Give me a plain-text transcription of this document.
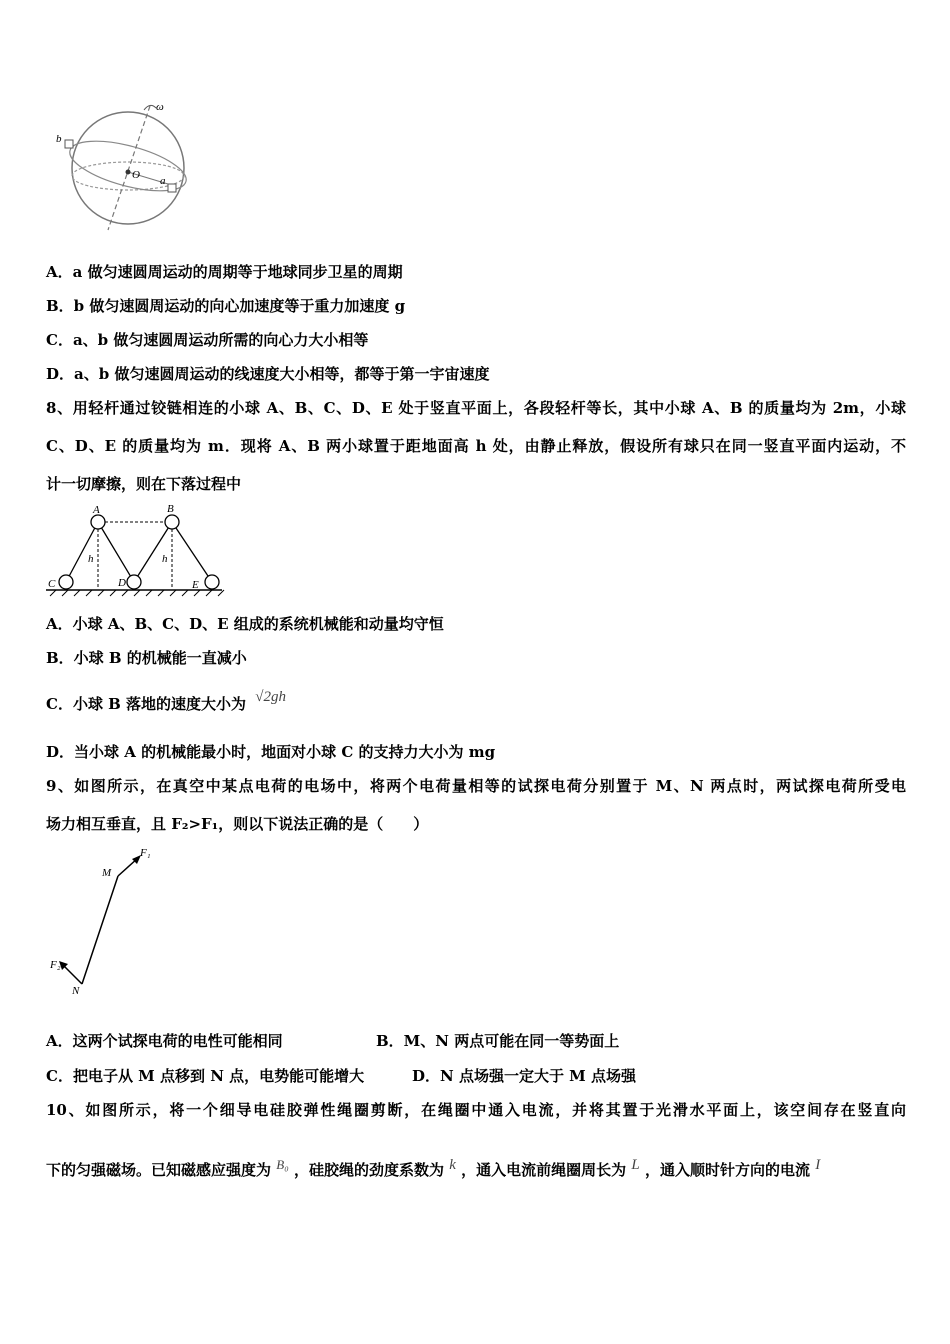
b
O a
ω
A．a 做匀速圆周运动的周期等于地球同步卫星的周期
B．b 做匀速圆周运动的向心加速度等于重力加速度 g
C．a、b 做匀速圆周运动所需的向心力大小相等
D．a、b 做匀速圆周运动的线速度大小相等，都等于第一宇宙速度
8、用轻杆通过铰链相连的小球 A、B、C、D、E 处于竖直平面上，各段轻杆等长，其中小球 A、B 的质量均为 2m，小球
C、D、E 的质量均为 m．现将 A、B 两小球置于距地面高 h 处，由静止释放，假设所有球只在同一竖直平面内运动，不
计一切摩擦，则在下落过程中
A	B
C	D	E
h	h
A．小球 A、B、C、D、E 组成的系统机械能和动量均守恒
B．小球 B 的机械能一直减小
C．小球 B 落地的速度大小为 √2gh
D．当小球 A 的机械能最小时，地面对小球 C 的支持力大小为 mg
9、如图所示，在真空中某点电荷的电场中，将两个电荷量相等的试探电荷分别置于 M、N 两点时，两试探电荷所受电
场力相互垂直，且 F₂>F₁，则以下说法正确的是（　　）
F₁
M
F₂
N
A．这两个试探电荷的电性可能相同	B．M、N 两点可能在同一等势面上
C．把电子从 M 点移到 N 点，电势能可能增大	D．N 点场强一定大于 M 点场强
10、如图所示，将一个细导电硅胶弹性绳圈剪断，在绳圈中通入电流，并将其置于光滑水平面上，该空间存在竖直向
下的匀强磁场。已知磁感应强度为 B₀ ，硅胶绳的劲度系数为 k ，通入电流前绳圈周长为 L ，通入顺时针方向的电流 I
